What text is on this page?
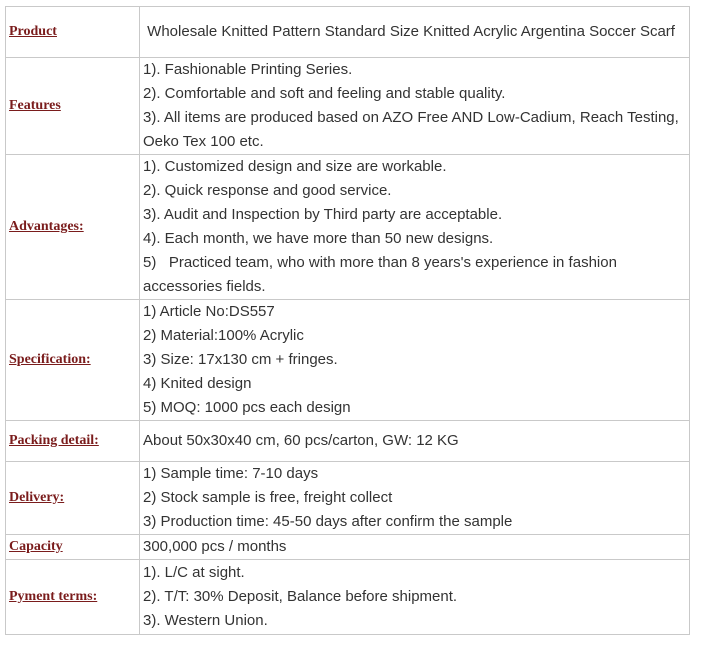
Product	Wholesale Knitted Pattern Standard Size Knitted Acrylic Argentina Soccer Scarf

Features	1). Fashionable Printing Series.
2). Comfortable and soft and feeling and stable quality.
3). All items are produced based on AZO Free AND Low-Cadium, Reach Testing, Oeko Tex 100 etc.

Advantages:	1). Customized design and size are workable.
2). Quick response and good service.
3). Audit and Inspection by Third party are acceptable.
4). Each month, we have more than 50 new designs.
5)   Practiced team, who with more than 8 years's experience in fashion accessories fields.

Specification:	1) Article No:DS557
2) Material:100% Acrylic
3) Size: 17x130 cm + fringes.
4) Knited design
5) MOQ: 1000 pcs each design

Packing detail:	About 50x30x40 cm, 60 pcs/carton, GW: 12 KG

Delivery:	1) Sample time: 7-10 days
2) Stock sample is free, freight collect
3) Production time: 45-50 days after confirm the sample

Capacity	300,000 pcs / months

Pyment terms:	1). L/C at sight.
2). T/T: 30% Deposit, Balance before shipment.
3). Western Union.
